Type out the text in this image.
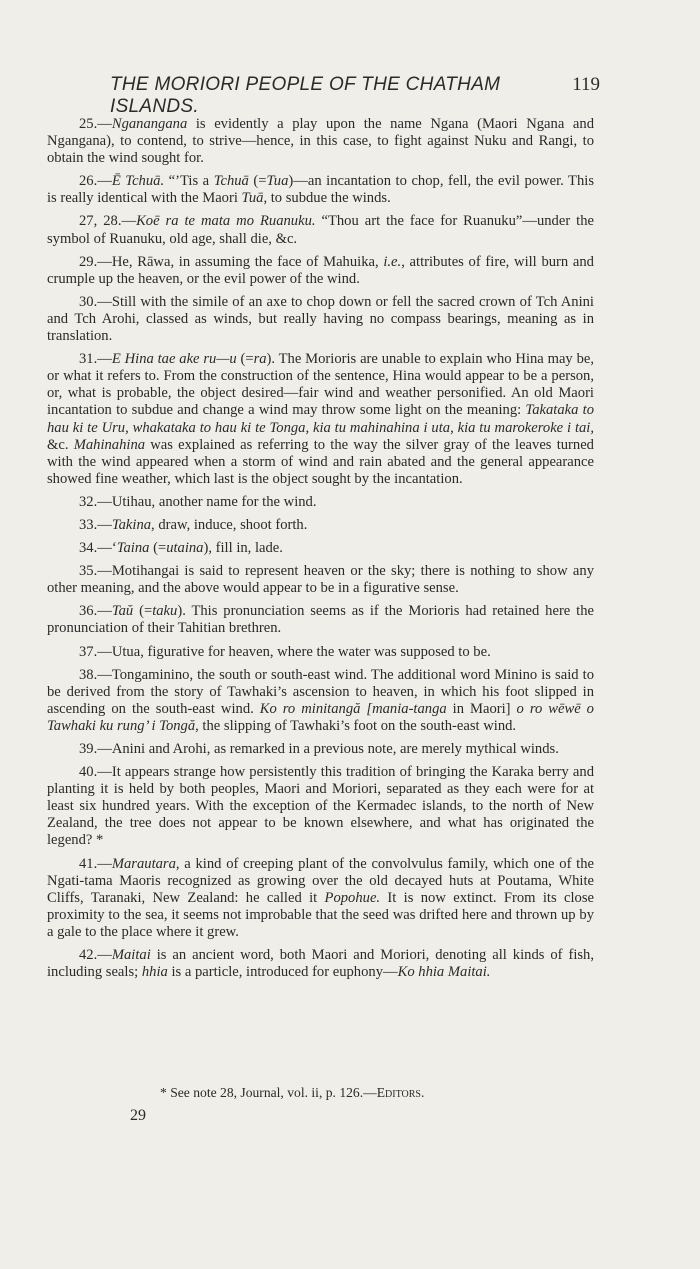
THE MORIORI PEOPLE OF THE CHATHAM ISLANDS.
119

25.—Nganangana is evidently a play upon the name Ngana (Maori Ngana and Ngangana), to contend, to strive—hence, in this case, to fight against Nuku and Rangi, to obtain the wind sought for.

26.—Ē Tchuā. “’Tis a Tchuā (=Tua)—an incantation to chop, fell, the evil power. This is really identical with the Maori Tuā, to subdue the winds.

27, 28.—Koē ra te mata mo Ruanuku. “Thou art the face for Ruanuku”—under the symbol of Ruanuku, old age, shall die, &c.

29.—He, Rāwa, in assuming the face of Mahuika, i.e., attributes of fire, will burn and crumple up the heaven, or the evil power of the wind.

30.—Still with the simile of an axe to chop down or fell the sacred crown of Tch Anini and Tch Arohi, classed as winds, but really having no compass bearings, meaning as in translation.

31.—E Hina tae ake ru—u (=ra). The Morioris are unable to explain who Hina may be, or what it refers to. From the construction of the sentence, Hina would appear to be a person, or, what is probable, the object desired—fair wind and weather personified. An old Maori incantation to subdue and change a wind may throw some light on the meaning: Takataka to hau ki te Uru, whakataka to hau ki te Tonga, kia tu mahinahina i uta, kia tu marokeroke i tai, &c. Mahinahina was explained as referring to the way the silver gray of the leaves turned with the wind appeared when a storm of wind and rain abated and the general appearance showed fine weather, which last is the object sought by the incantation.

32.—Utihau, another name for the wind.

33.—Takina, draw, induce, shoot forth.

34.—‘Taina (=utaina), fill in, lade.

35.—Motihangai is said to represent heaven or the sky; there is nothing to show any other meaning, and the above would appear to be in a figurative sense.

36.—Taŭ (=taku). This pronunciation seems as if the Morioris had retained here the pronunciation of their Tahitian brethren.

37.—Utua, figurative for heaven, where the water was supposed to be.

38.—Tongaminino, the south or south-east wind. The additional word Minino is said to be derived from the story of Tawhaki’s ascension to heaven, in which his foot slipped in ascending on the south-east wind. Ko ro minitangă [mania-tanga in Maori] o ro wēwē o Tawhaki ku rung’ i Tongă, the slipping of Tawhaki’s foot on the south-east wind.

39.—Anini and Arohi, as remarked in a previous note, are merely mythical winds.

40.—It appears strange how persistently this tradition of bringing the Karaka berry and planting it is held by both peoples, Maori and Moriori, separated as they each were for at least six hundred years. With the exception of the Kermadec islands, to the north of New Zealand, the tree does not appear to be known elsewhere, and what has originated the legend? *

41.—Marautara, a kind of creeping plant of the convolvulus family, which one of the Ngati-tama Maoris recognized as growing over the old decayed huts at Poutama, White Cliffs, Taranaki, New Zealand: he called it Popohue. It is now extinct. From its close proximity to the sea, it seems not improbable that the seed was drifted here and thrown up by a gale to the place where it grew.

42.—Maitai is an ancient word, both Maori and Moriori, denoting all kinds of fish, including seals; hhia is a particle, introduced for euphony—Ko hhia Maitai.

* See note 28, Journal, vol. ii, p. 126.—Editors.
29
